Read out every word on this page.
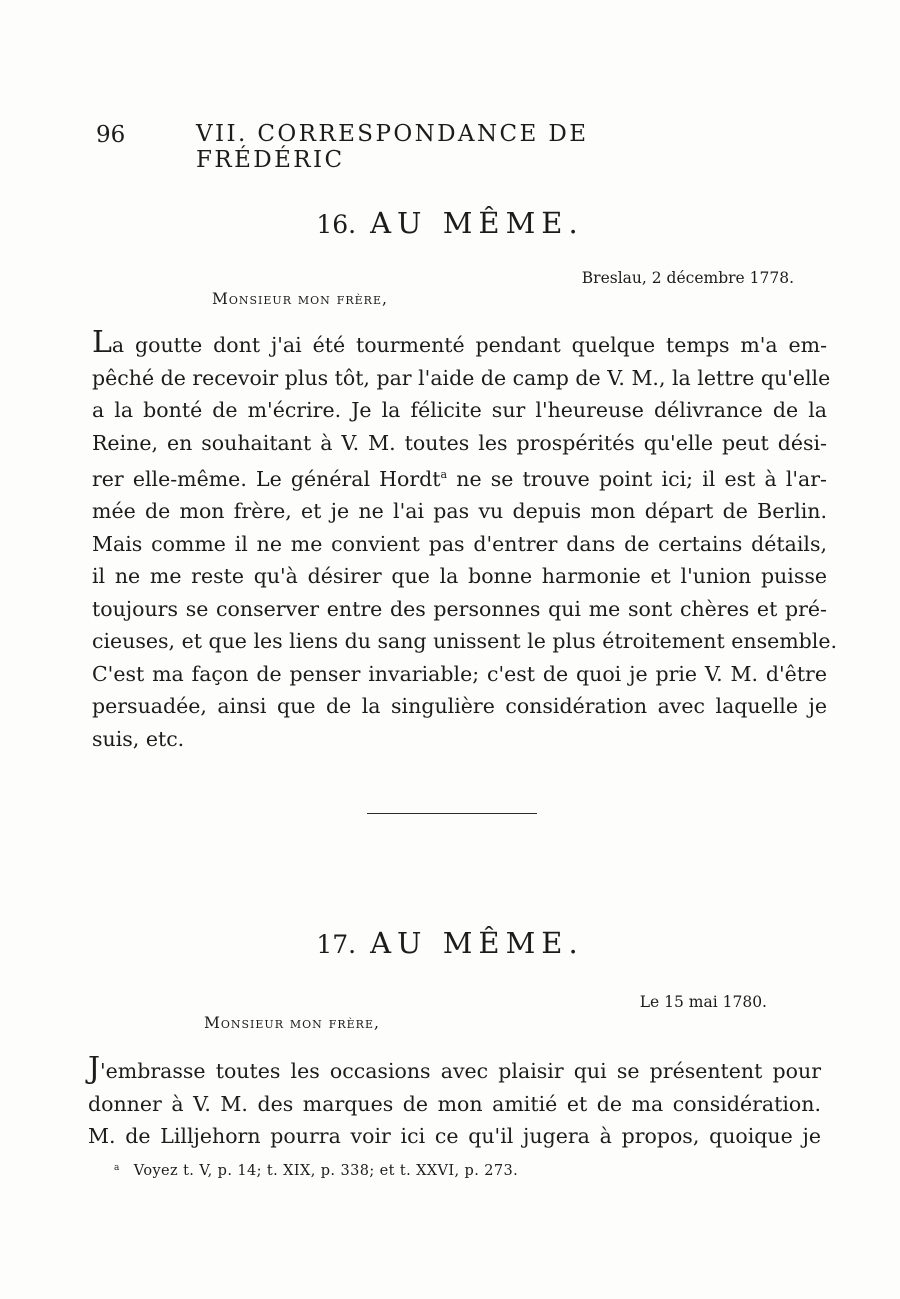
96	VII. CORRESPONDANCE DE FRÉDÉRIC
16. AU MÊME.
Breslau, 2 décembre 1778.
Monsieur mon frère,
La goutte dont j'ai été tourmenté pendant quelque temps m'a em-
pêché de recevoir plus tôt, par l'aide de camp de V. M., la lettre qu'elle
a la bonté de m'écrire. Je la félicite sur l'heureuse délivrance de la
Reine, en souhaitant à V. M. toutes les prospérités qu'elle peut dési-
rer elle-même. Le général Hordt$^a$ ne se trouve point ici; il est à l'ar-
mée de mon frère, et je ne l'ai pas vu depuis mon départ de Berlin.
Mais comme il ne me convient pas d'entrer dans de certains détails,
il ne me reste qu'à désirer que la bonne harmonie et l'union puisse
toujours se conserver entre des personnes qui me sont chères et pré-
cieuses, et que les liens du sang unissent le plus étroitement ensemble.
C'est ma façon de penser invariable; c'est de quoi je prie V. M. d'être
persuadée, ainsi que de la singulière considération avec laquelle je
suis, etc.
17. AU MÊME.
Le 15 mai 1780.
Monsieur mon frère,
J'embrasse toutes les occasions avec plaisir qui se présentent pour
donner à V. M. des marques de mon amitié et de ma considération.
M. de Lilljehorn pourra voir ici ce qu'il jugera à propos, quoique je
$^a$ Voyez t. V, p. 14; t. XIX, p. 338; et t. XXVI, p. 273.
